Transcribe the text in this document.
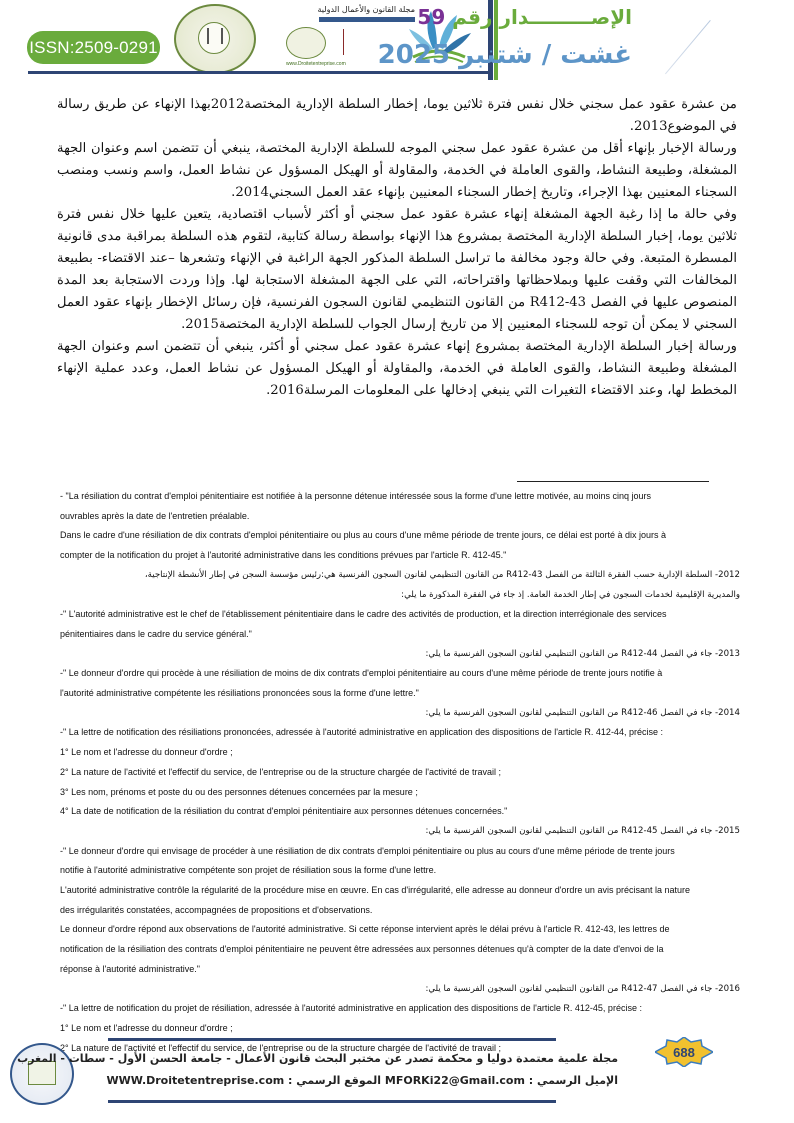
ISSN:2509-0291
مجلة القانون والأعمال الدولية
www.Droitetentreprise.com
الإصـــــــــدار رقم 59
غشت / شتنبر 2025

من عشرة عقود عمل سجني خلال نفس فترة ثلاثين يوما، إخطار السلطة الإدارية المختصة2012بهذا الإنهاء عن طريق رسالة في الموضوع2013.

ورسالة الإخبار بإنهاء أقل من عشرة عقود عمل سجني الموجه للسلطة الإدارية المختصة، ينبغي أن تتضمن اسم وعنوان الجهة المشغلة، وطبيعة النشاط، والقوى العاملة في الخدمة، والمقاولة أو الهيكل المسؤول عن نشاط العمل، واسم ونسب ومنصب السجناء المعنيين بهذا الإجراء، وتاريخ إخطار السجناء المعنيين بإنهاء عقد العمل السجني2014.

وفي حالة ما إذا رغبة الجهة المشغلة إنهاء عشرة عقود عمل سجني أو أكثر لأسباب اقتصادية، يتعين عليها خلال نفس فترة ثلاثين يوما، إخبار السلطة الإدارية المختصة بمشروع هذا الإنهاء بواسطة رسالة كتابية، لتقوم هذه السلطة بمراقبة مدى قانونية المسطرة المتبعة. وفي حالة وجود مخالفة ما تراسل السلطة المذكور الجهة الراغبة في الإنهاء وتشعرها –عند الاقتضاء- بطبيعة المخالفات التي وقفت عليها وبملاحظاتها واقتراحاته، التي على الجهة المشغلة الاستجابة لها. وإذا وردت الاستجابة بعد المدة المنصوص عليها في الفصل R412-43 من القانون التنظيمي لقانون السجون الفرنسية، فإن رسائل الإخطار بإنهاء عقود العمل السجني لا يمكن أن توجه للسجناء المعنيين إلا من تاريخ إرسال الجواب للسلطة الإدارية المختصة2015.

ورسالة إخبار السلطة الإدارية المختصة بمشروع إنهاء عشرة عقود عمل سجني أو أكثر، ينبغي أن تتضمن اسم وعنوان الجهة المشغلة وطبيعة النشاط، والقوى العاملة في الخدمة، والمقاولة أو الهيكل المسؤول عن نشاط العمل، وعدد عملية الإنهاء المخطط لها، وعند الاقتضاء التغيرات التي ينبغي إدخالها على المعلومات المرسلة2016.

- "La résiliation du contrat d'emploi pénitentiaire est notifiée à la personne détenue intéressée sous la forme d'une lettre motivée, au moins cinq jours
ouvrables après la date de l'entretien préalable.
Dans le cadre d'une résiliation de dix contrats d'emploi pénitentiaire ou plus au cours d'une même période de trente jours, ce délai est porté à dix jours à
compter de la notification du projet à l'autorité administrative dans les conditions prévues par l'article R. 412-45."
2012- السلطة الإدارية حسب الفقرة الثالثة من الفصل R412-43 من القانون التنظيمي لقانون السجون الفرنسية هي:رئيس مؤسسة السجن في إطار الأنشطة الإنتاجية،
والمديرية الإقليمية لخدمات السجون في إطار الخدمة العامة. إذ جاء في الفقرة المذكورة ما يلي:
-" L'autorité administrative est le chef de l'établissement pénitentiaire dans le cadre des activités de production, et la direction interrégionale des services
pénitentiaires dans le cadre du service général."
2013- جاء في الفصل R412-44 من القانون التنظيمي لقانون السجون الفرنسية ما يلي:
-" Le donneur d'ordre qui procède à une résiliation de moins de dix contrats d'emploi pénitentiaire au cours d'une même période de trente jours notifie à
l'autorité administrative compétente les résiliations prononcées sous la forme d'une lettre."
2014- جاء في الفصل R412-46 من القانون التنظيمي لقانون السجون الفرنسية ما يلي:
-" La lettre de notification des résiliations prononcées, adressée à l'autorité administrative en application des dispositions de l'article R. 412-44, précise :
1° Le nom et l'adresse du donneur d'ordre ;
2° La nature de l'activité et l'effectif du service, de l'entreprise ou de la structure chargée de l'activité de travail ;
3° Les nom, prénoms et poste du ou des personnes détenues concernées par la mesure ;
4° La date de notification de la résiliation du contrat d'emploi pénitentiaire aux personnes détenues concernées."
2015- جاء في الفصل R412-45 من القانون التنظيمي لقانون السجون الفرنسية ما يلي:
-" Le donneur d'ordre qui envisage de procéder à une résiliation de dix contrats d'emploi pénitentiaire ou plus au cours d'une même période de trente jours
notifie à l'autorité administrative compétente son projet de résiliation sous la forme d'une lettre.
L'autorité administrative contrôle la régularité de la procédure mise en œuvre. En cas d'irrégularité, elle adresse au donneur d'ordre un avis précisant la nature
des irrégularités constatées, accompagnées de propositions et d'observations.
Le donneur d'ordre répond aux observations de l'autorité administrative. Si cette réponse intervient après le délai prévu à l'article R. 412-43, les lettres de
notification de la résiliation des contrats d'emploi pénitentiaire ne peuvent être adressées aux personnes détenues qu'à compter de la date d'envoi de la
réponse à l'autorité administrative."
2016- جاء في الفصل R412-47 من القانون التنظيمي لقانون السجون الفرنسية ما يلي:
-" La lettre de notification du projet de résiliation, adressée à l'autorité administrative en application des dispositions de l'article R. 412-45, précise :
1° Le nom et l'adresse du donneur d'ordre ;
2° La nature de l'activité et l'effectif du service, de l'entreprise ou de la structure chargée de l'activité de travail ;
مجلة علمية معتمدة دوليا و محكمة تصدر عن مختبر البحث قانون الأعمال - جامعة الحسن الأول - سطات - المغرب
الإميل الرسمي : MFORKi22@Gmail.com الموقع الرسمي : WWW.Droitetentreprise.com
688
